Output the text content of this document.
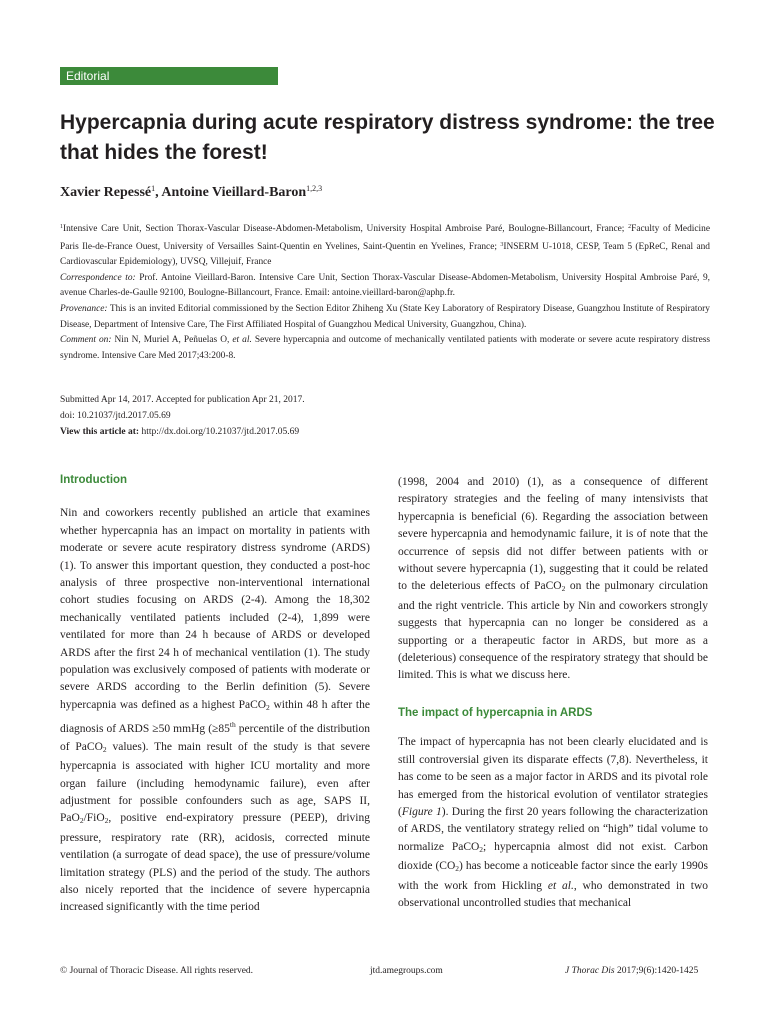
Editorial
Hypercapnia during acute respiratory distress syndrome: the tree that hides the forest!
Xavier Repessé$^1$, Antoine Vieillard-Baron$^{1,2,3}$

$^1$Intensive Care Unit, Section Thorax-Vascular Disease-Abdomen-Metabolism, University Hospital Ambroise Paré, Boulogne-Billancourt, France; $^2$Faculty of Medicine Paris Ile-de-France Ouest, University of Versailles Saint-Quentin en Yvelines, Saint-Quentin en Yvelines, France; $^3$INSERM U-1018, CESP, Team 5 (EpReC, Renal and Cardiovascular Epidemiology), UVSQ, Villejuif, France

Correspondence to: Prof. Antoine Vieillard-Baron. Intensive Care Unit, Section Thorax-Vascular Disease-Abdomen-Metabolism, University Hospital Ambroise Paré, 9, avenue Charles-de-Gaulle 92100, Boulogne-Billancourt, France. Email: antoine.vieillard-baron@aphp.fr.

Provenance: This is an invited Editorial commissioned by the Section Editor Zhiheng Xu (State Key Laboratory of Respiratory Disease, Guangzhou Institute of Respiratory Disease, Department of Intensive Care, The First Affiliated Hospital of Guangzhou Medical University, Guangzhou, China).

Comment on: Nin N, Muriel A, Peñuelas O, et al. Severe hypercapnia and outcome of mechanically ventilated patients with moderate or severe acute respiratory distress syndrome. Intensive Care Med 2017;43:200-8.

Submitted Apr 14, 2017. Accepted for publication Apr 21, 2017.

doi: 10.21037/jtd.2017.05.69

View this article at: http://dx.doi.org/10.21037/jtd.2017.05.69

Introduction

Nin and coworkers recently published an article that examines whether hypercapnia has an impact on mortality in patients with moderate or severe acute respiratory distress syndrome (ARDS) (1). To answer this important question, they conducted a post-hoc analysis of three prospective non-interventional international cohort studies focusing on ARDS (2-4). Among the 18,302 mechanically ventilated patients included (2-4), 1,899 were ventilated for more than 24 h because of ARDS or developed ARDS after the first 24 h of mechanical ventilation (1). The study population was exclusively composed of patients with moderate or severe ARDS according to the Berlin definition (5). Severe hypercapnia was defined as a highest PaCO$_2$ within 48 h after the diagnosis of ARDS ≥50 mmHg (≥85th percentile of the distribution of PaCO$_2$ values). The main result of the study is that severe hypercapnia is associated with higher ICU mortality and more organ failure (including hemodynamic failure), even after adjustment for possible confounders such as age, SAPS II, PaO$_2$/FiO$_2$, positive end-expiratory pressure (PEEP), driving pressure, respiratory rate (RR), acidosis, corrected minute ventilation (a surrogate of dead space), the use of pressure/volume limitation strategy (PLS) and the period of the study. The authors also nicely reported that the incidence of severe hypercapnia increased significantly with the time period

(1998, 2004 and 2010) (1), as a consequence of different respiratory strategies and the feeling of many intensivists that hypercapnia is beneficial (6). Regarding the association between severe hypercapnia and hemodynamic failure, it is of note that the occurrence of sepsis did not differ between patients with or without severe hypercapnia (1), suggesting that it could be related to the deleterious effects of PaCO$_2$ on the pulmonary circulation and the right ventricle. This article by Nin and coworkers strongly suggests that hypercapnia can no longer be considered as a supporting or a therapeutic factor in ARDS, but more as a (deleterious) consequence of the respiratory strategy that should be limited. This is what we discuss here.

The impact of hypercapnia in ARDS

The impact of hypercapnia has not been clearly elucidated and is still controversial given its disparate effects (7,8). Nevertheless, it has come to be seen as a major factor in ARDS and its pivotal role has emerged from the historical evolution of ventilator strategies (Figure 1). During the first 20 years following the characterization of ARDS, the ventilatory strategy relied on “high” tidal volume to normalize PaCO$_2$; hypercapnia almost did not exist. Carbon dioxide $(CO_2)$ has become a noticeable factor since the early 1990s with the work from Hickling et al., who demonstrated in two observational uncontrolled studies that mechanical

© Journal of Thoracic Disease. All rights reserved.	jtd.amegroups.com	J Thorac Dis 2017;9(6):1420-1425
